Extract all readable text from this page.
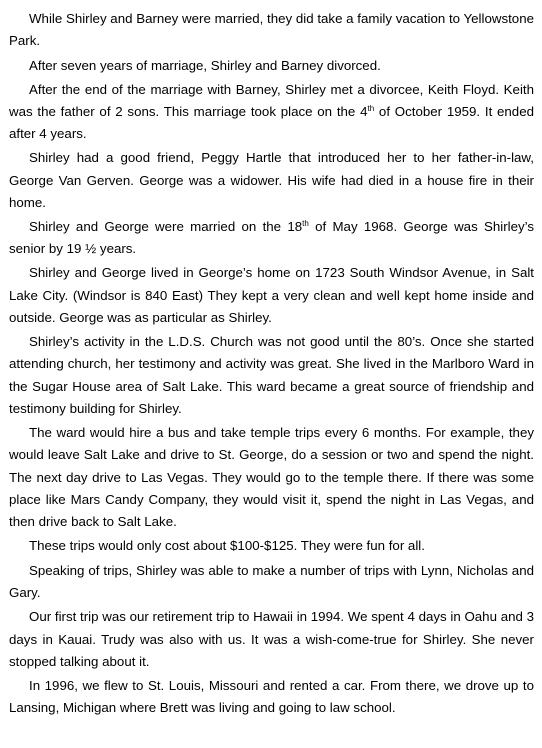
While Shirley and Barney were married, they did take a family vacation to Yellowstone Park.

After seven years of marriage, Shirley and Barney divorced.

After the end of the marriage with Barney, Shirley met a divorcee, Keith Floyd. Keith was the father of 2 sons. This marriage took place on the 4th of October 1959. It ended after 4 years.

Shirley had a good friend, Peggy Hartle that introduced her to her father-in-law, George Van Gerven. George was a widower. His wife had died in a house fire in their home.

Shirley and George were married on the 18th of May 1968. George was Shirley’s senior by 19 ½ years.

Shirley and George lived in George’s home on 1723 South Windsor Avenue, in Salt Lake City. (Windsor is 840 East) They kept a very clean and well kept home inside and outside. George was as particular as Shirley.

Shirley’s activity in the L.D.S. Church was not good until the 80’s. Once she started attending church, her testimony and activity was great. She lived in the Marlboro Ward in the Sugar House area of Salt Lake. This ward became a great source of friendship and testimony building for Shirley.

The ward would hire a bus and take temple trips every 6 months. For example, they would leave Salt Lake and drive to St. George, do a session or two and spend the night. The next day drive to Las Vegas. They would go to the temple there. If there was some place like Mars Candy Company, they would visit it, spend the night in Las Vegas, and then drive back to Salt Lake.

These trips would only cost about $100-$125. They were fun for all.

Speaking of trips, Shirley was able to make a number of trips with Lynn, Nicholas and Gary.

Our first trip was our retirement trip to Hawaii in 1994. We spent 4 days in Oahu and 3 days in Kauai. Trudy was also with us. It was a wish-come-true for Shirley. She never stopped talking about it.

In 1996, we flew to St. Louis, Missouri and rented a car. From there, we drove up to Lansing, Michigan where Brett was living and going to law school.
